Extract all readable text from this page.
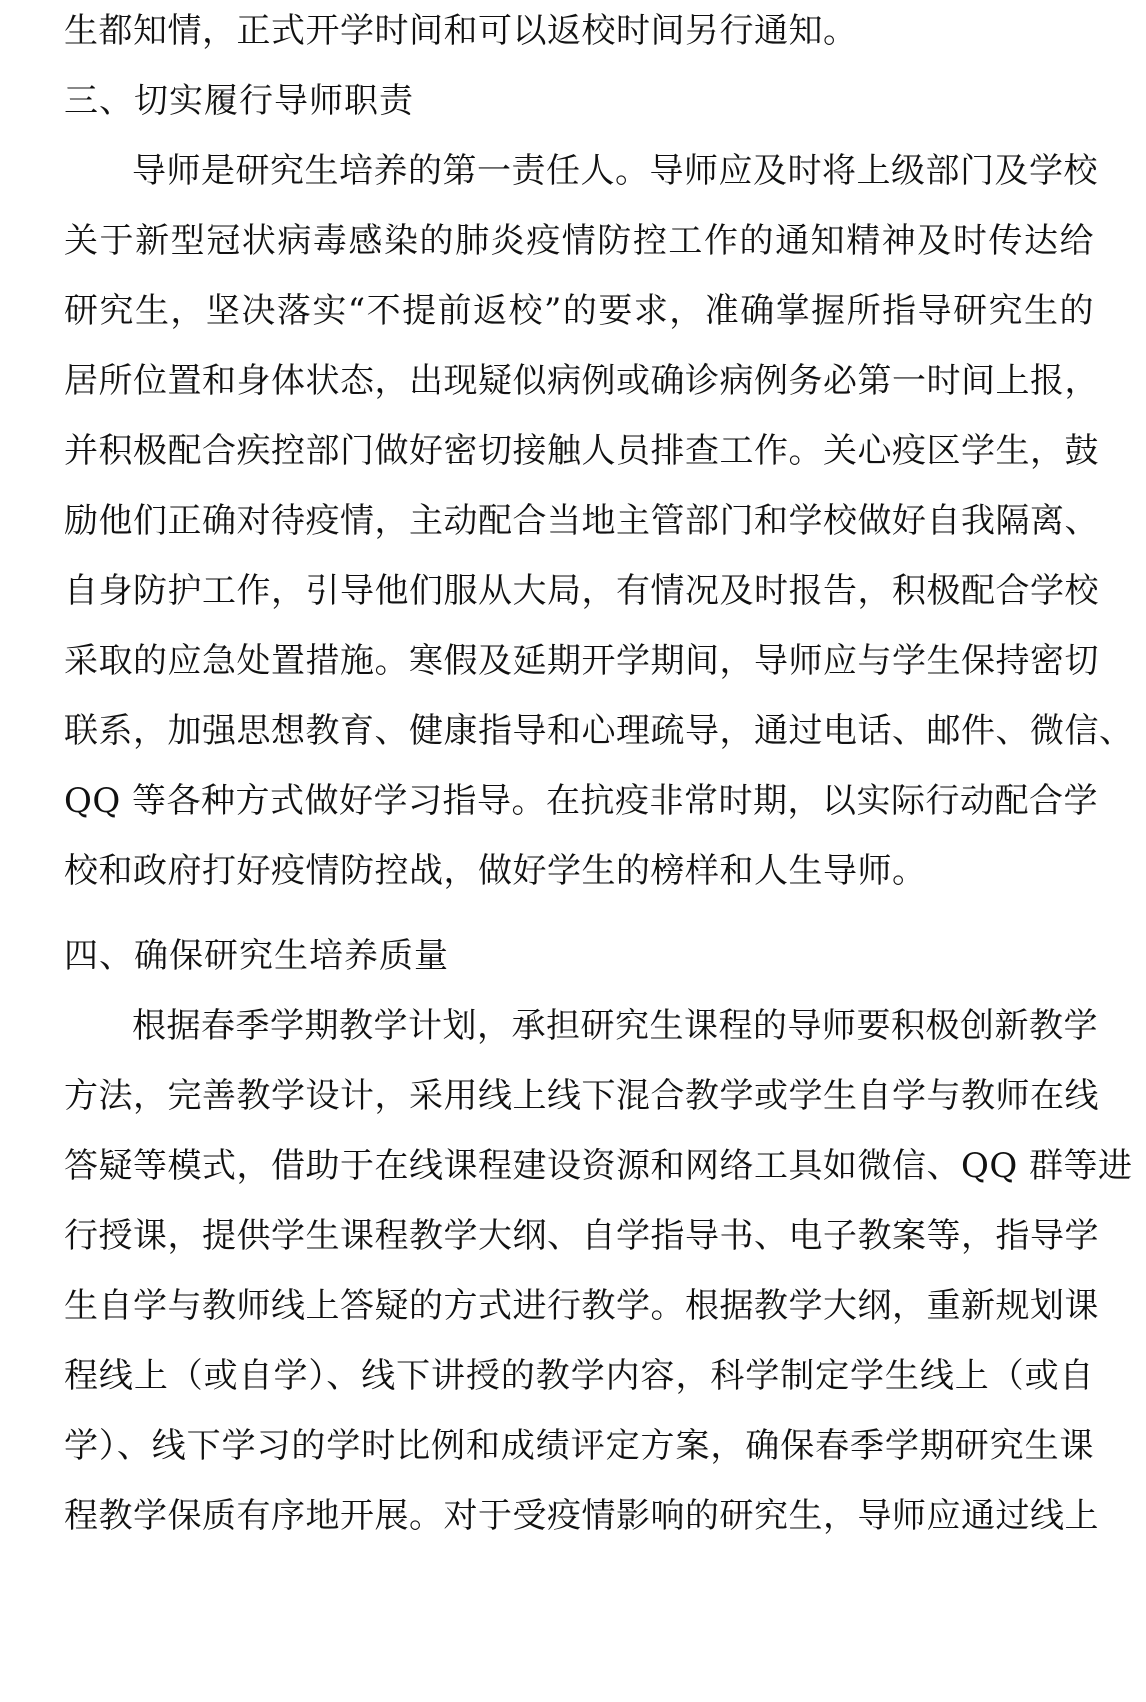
生都知情，正式开学时间和可以返校时间另行通知。
三、切实履行导师职责
导师是研究生培养的第一责任人。导师应及时将上级部门及学校
关于新型冠状病毒感染的肺炎疫情防控工作的通知精神及时传达给
研究生，坚决落实“不提前返校”的要求，准确掌握所指导研究生的
居所位置和身体状态，出现疑似病例或确诊病例务必第一时间上报，
并积极配合疾控部门做好密切接触人员排查工作。关心疫区学生，鼓
励他们正确对待疫情，主动配合当地主管部门和学校做好自我隔离、
自身防护工作，引导他们服从大局，有情况及时报告，积极配合学校
采取的应急处置措施。寒假及延期开学期间，导师应与学生保持密切
联系，加强思想教育、健康指导和心理疏导，通过电话、邮件、微信、
QQ 等各种方式做好学习指导。在抗疫非常时期，以实际行动配合学
校和政府打好疫情防控战，做好学生的榜样和人生导师。
四、确保研究生培养质量
根据春季学期教学计划，承担研究生课程的导师要积极创新教学
方法，完善教学设计，采用线上线下混合教学或学生自学与教师在线
答疑等模式，借助于在线课程建设资源和网络工具如微信、QQ 群等进
行授课，提供学生课程教学大纲、自学指导书、电子教案等，指导学
生自学与教师线上答疑的方式进行教学。根据教学大纲，重新规划课
程线上（或自学）、线下讲授的教学内容，科学制定学生线上（或自
学）、线下学习的学时比例和成绩评定方案，确保春季学期研究生课
程教学保质有序地开展。对于受疫情影响的研究生，导师应通过线上
